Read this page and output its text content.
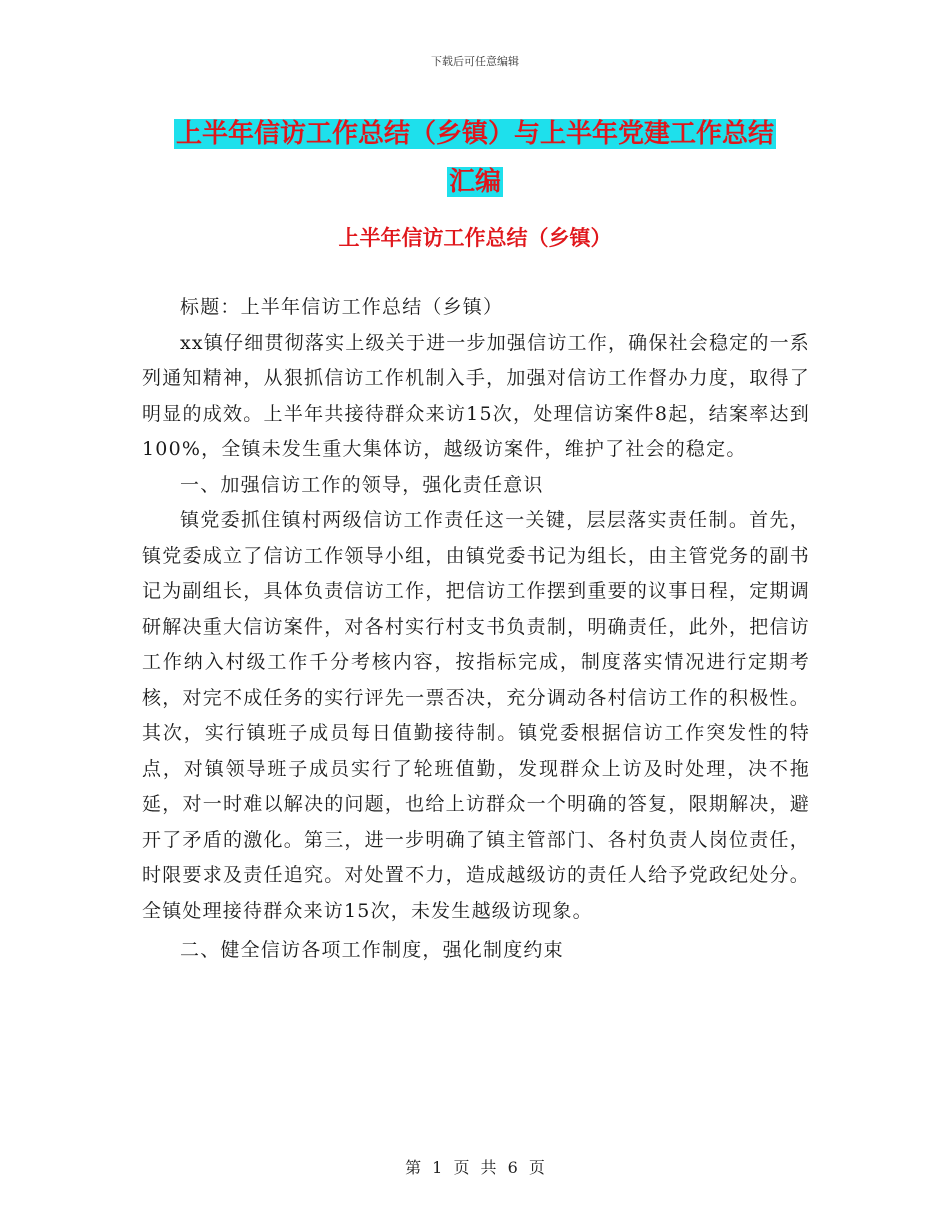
下载后可任意编辑
上半年信访工作总结（乡镇）与上半年党建工作总结
汇编
上半年信访工作总结（乡镇）

标题：上半年信访工作总结（乡镇）

xx镇仔细贯彻落实上级关于进一步加强信访工作，确保社会稳定的一系列通知精神，从狠抓信访工作机制入手，加强对信访工作督办力度，取得了明显的成效。上半年共接待群众来访15次，处理信访案件8起，结案率达到100%，全镇未发生重大集体访，越级访案件，维护了社会的稳定。

一、加强信访工作的领导，强化责任意识

镇党委抓住镇村两级信访工作责任这一关键，层层落实责任制。首先，镇党委成立了信访工作领导小组，由镇党委书记为组长，由主管党务的副书记为副组长，具体负责信访工作，把信访工作摆到重要的议事日程，定期调研解决重大信访案件，对各村实行村支书负责制，明确责任，此外，把信访工作纳入村级工作千分考核内容，按指标完成，制度落实情况进行定期考核，对完不成任务的实行评先一票否决，充分调动各村信访工作的积极性。其次，实行镇班子成员每日值勤接待制。镇党委根据信访工作突发性的特点，对镇领导班子成员实行了轮班值勤，发现群众上访及时处理，决不拖延，对一时难以解决的问题，也给上访群众一个明确的答复，限期解决，避开了矛盾的激化。第三，进一步明确了镇主管部门、各村负责人岗位责任，时限要求及责任追究。对处置不力，造成越级访的责任人给予党政纪处分。全镇处理接待群众来访15次，未发生越级访现象。

二、健全信访各项工作制度，强化制度约束

第 1 页 共 6 页
